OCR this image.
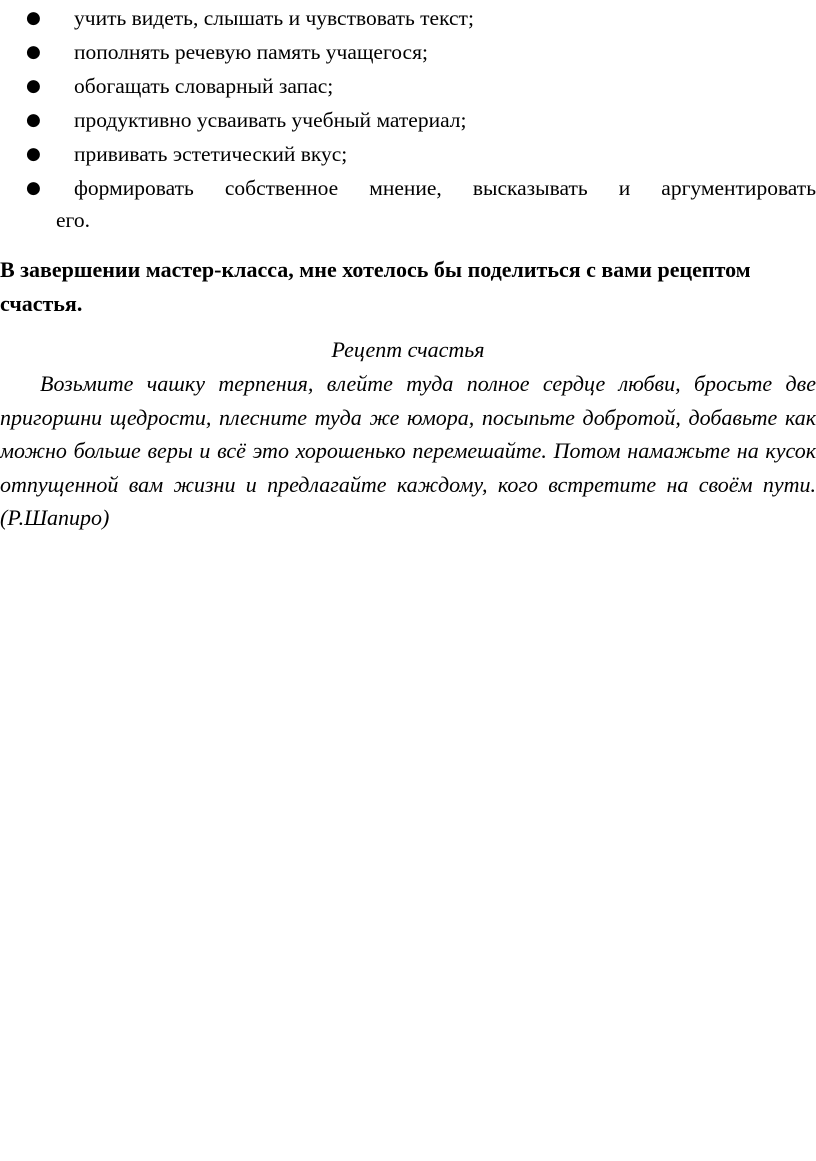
● учить видеть, слышать и чувствовать текст;
● пополнять речевую память учащегося;
● обогащать словарный запас;
● продуктивно усваивать учебный материал;
● прививать эстетический вкус;
● формировать собственное мнение, высказывать и аргументировать
его.

В завершении мастер-класса, мне хотелось бы поделиться с вами рецептом счастья.

Рецепт счастья

Возьмите чашку терпения, влейте туда полное сердце любви, бросьте две пригоршни щедрости, плесните туда же юмора, посыпьте добротой, добавьте как можно больше веры и всё это хорошенько перемешайте. Потом намажьте на кусок отпущенной вам жизни и предлагайте каждому, кого встретите на своём пути. (Р.Шапиро)
